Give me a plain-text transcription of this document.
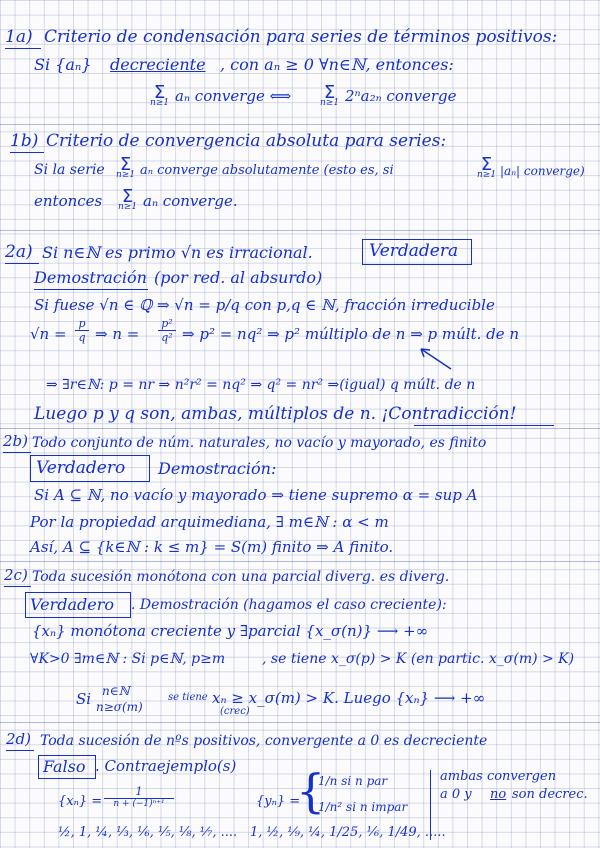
1a) Criterio de condensación para series de términos positivos:
Si {aₙ} decreciente , con aₙ ≥ 0 ∀n∈ℕ, entonces:
Σ
n≥1 aₙ converge ⟺ Σ
n≥1 2ⁿa₂ₙ converge
1b) Criterio de convergencia absoluta para series:
Si la serie Σ
n≥1 aₙ converge absolutamente (esto es, si	Σ
n≥1 |aₙ| converge)
entonces Σ
n≥1 aₙ converge.
2a) Si n∈ℕ es primo √n es irracional.	Verdadera
Demostración (por red. al absurdo)
Si fuese √n ∈ ℚ ⇒ √n = p/q con p,q ∈ ℕ, fracción irreducible
√n =
p
q ⇒ n =
p²
q² ⇒ p² = nq² ⇒ p² múltiplo de n ⇒ p múlt. de n
⇒ ∃r∈ℕ: p = nr ⇒ n²r² = nq² ⇒ q² = nr² ⇒(igual) q múlt. de n
Luego p y q son, ambas, múltiplos de n. ¡Contradicción!
2b) Todo conjunto de núm. naturales, no vacío y mayorado, es finito
Verdadero Demostración:
Si A ⊆ ℕ, no vacío y mayorado ⇒ tiene supremo α = sup A
Por la propiedad arquimediana, ∃ m∈ℕ : α < m
Así, A ⊆ {k∈ℕ : k ≤ m} = S(m) finito ⇒ A finito.
2c) Toda sucesión monótona con una parcial diverg. es diverg.
Verdadero . Demostración (hagamos el caso creciente):
{xₙ} monótona creciente y ∃parcial {x_σ(n)} ⟶ +∞
∀K>0 ∃m∈ℕ : Si p∈ℕ, p≥m	, se tiene x_σ(p) > K (en partic. x_σ(m) > K)
Si n∈ℕ
n≥σ(m)
se tiene xₙ ≥ x_σ(m) > K. Luego {xₙ} ⟶ +∞
(crec)
2d) Toda sucesión de nºs positivos, convergente a 0 es decreciente
Falso . Contraejemplo(s)
{xₙ} =
1
n + (−1)ⁿ⁺¹	{yₙ} =
{
1/n si n par
1/n² si n impar
ambas convergen
a 0 y no son decrec.
½, 1, ¼, ⅓, ⅙, ⅕, ⅛, ⅐, .... 1, ½, ⅑, ¼, 1/25, ⅙, 1/49, .....
